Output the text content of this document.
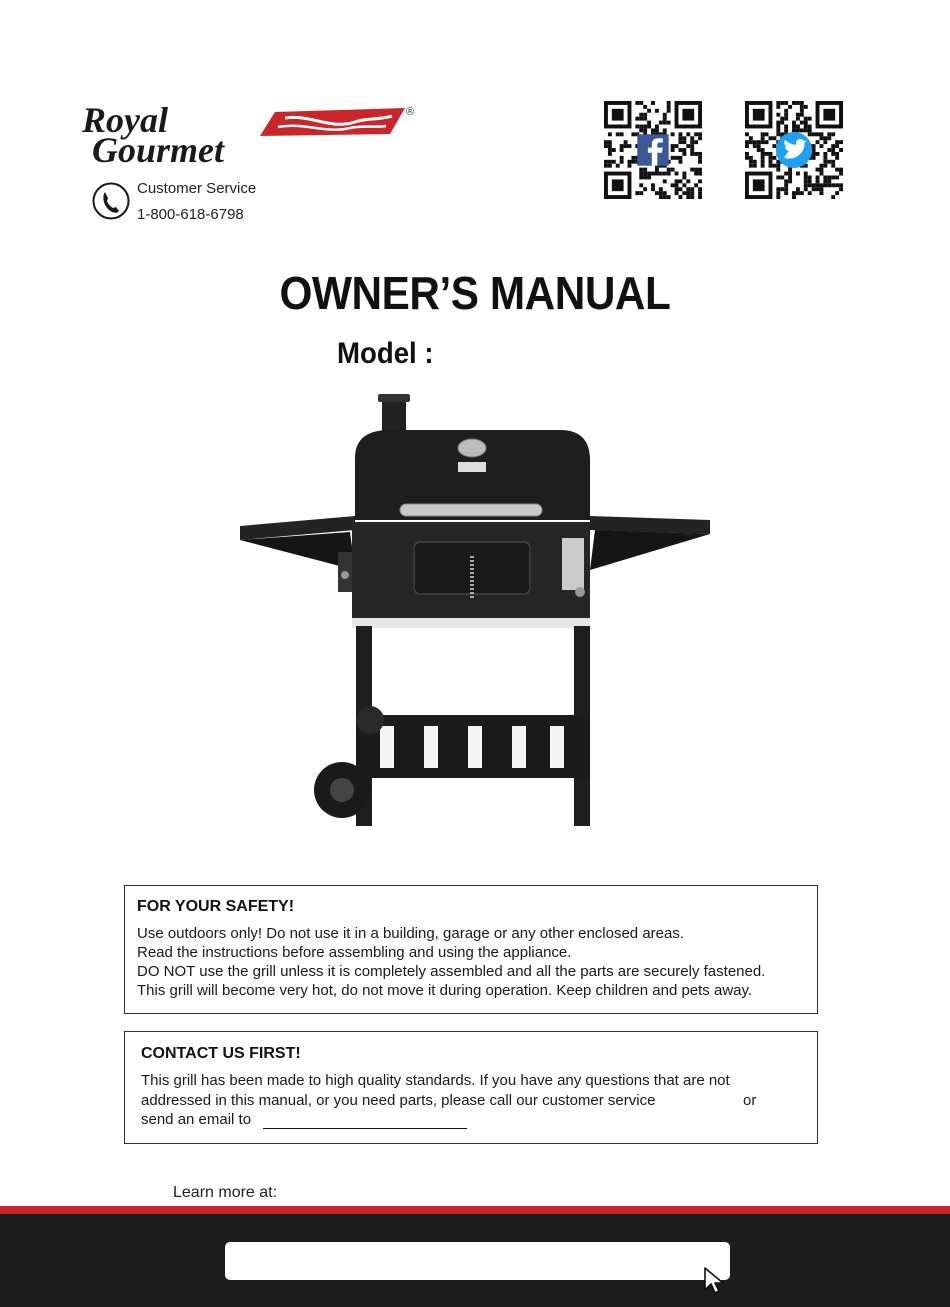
Royal
Gourmet
®
Customer Service
1-800-618-6798
OWNER’S MANUAL
Model :
FOR YOUR SAFETY!
Use outdoors only! Do not use it in a building, garage or any other enclosed areas.
Read the instructions before assembling and using the appliance.
DO NOT use the grill unless it is completely assembled and all the parts are securely fastened.
This grill will become very hot, do not move it during operation. Keep children and pets away.
CONTACT US FIRST!
This grill has been made to high quality standards. If you have any questions that are not
addressed in this manual, or you need parts, please call our customer service	or
send an email to
Learn more at:
